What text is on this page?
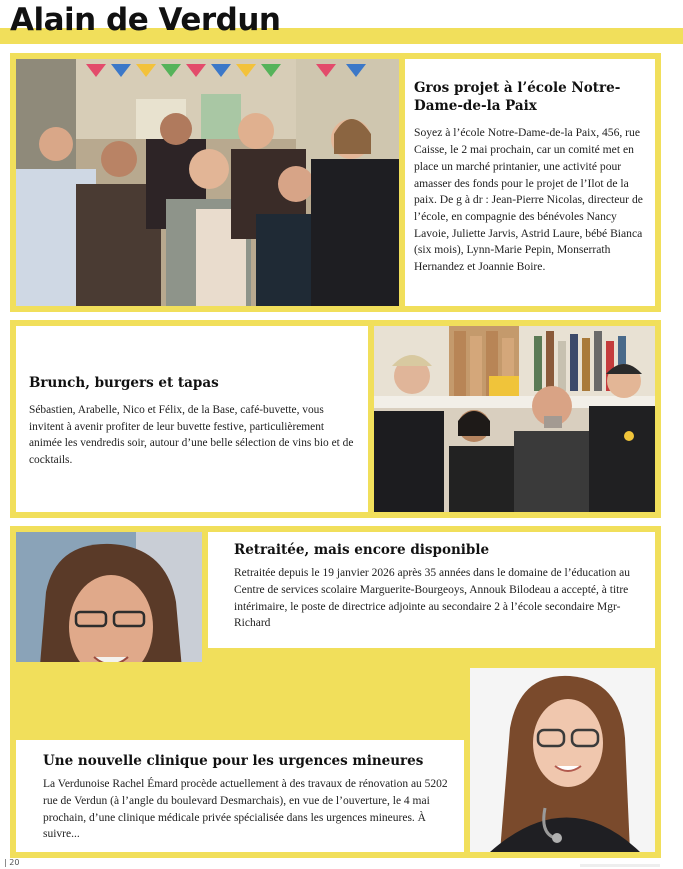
Alain de Verdun
Gros projet à l’école Notre-Dame-de-la Paix

Soyez à l’école Notre-Dame-de-la Paix, 456, rue Caisse, le 2 mai prochain, car un comité met en place un marché printanier, une activité pour amasser des fonds pour le projet de l’Ilot de la paix. De g à dr : Jean-Pierre Nicolas, directeur de l’école, en compagnie des bénévoles Nancy Lavoie, Juliette Jarvis, Astrid Laure, bébé Bianca (six mois), Lynn-Marie Pepin, Monserrath Hernandez et Joannie Boire.

Brunch, burgers et tapas

Sébastien, Arabelle, Nico et Félix, de la Base, café-buvette, vous invitent à avenir profiter de leur buvette festive, particulièrement animée les vendredis soir, autour d’une belle sélection de vins bio et de cocktails.

Retraitée, mais encore disponible

Retraitée depuis le 19 janvier 2026 après 35 années dans le domaine de l’éducation au Centre de services scolaire Marguerite-Bourgeoys, Annouk Bilodeau a accepté, à titre intérimaire, le poste de directrice adjointe au secondaire 2 à l’école secondaire Mgr-Richard

Une nouvelle clinique pour les urgences mineures

La Verdunoise Rachel Émard procède actuellement à des travaux de rénovation au 5202 rue de Verdun (à l’angle du boulevard Desmarchais), en vue de l’ouverture, le 4 mai prochain, d’une clinique médicale privée spécialisée dans les urgences mineures. À suivre...

| 20
